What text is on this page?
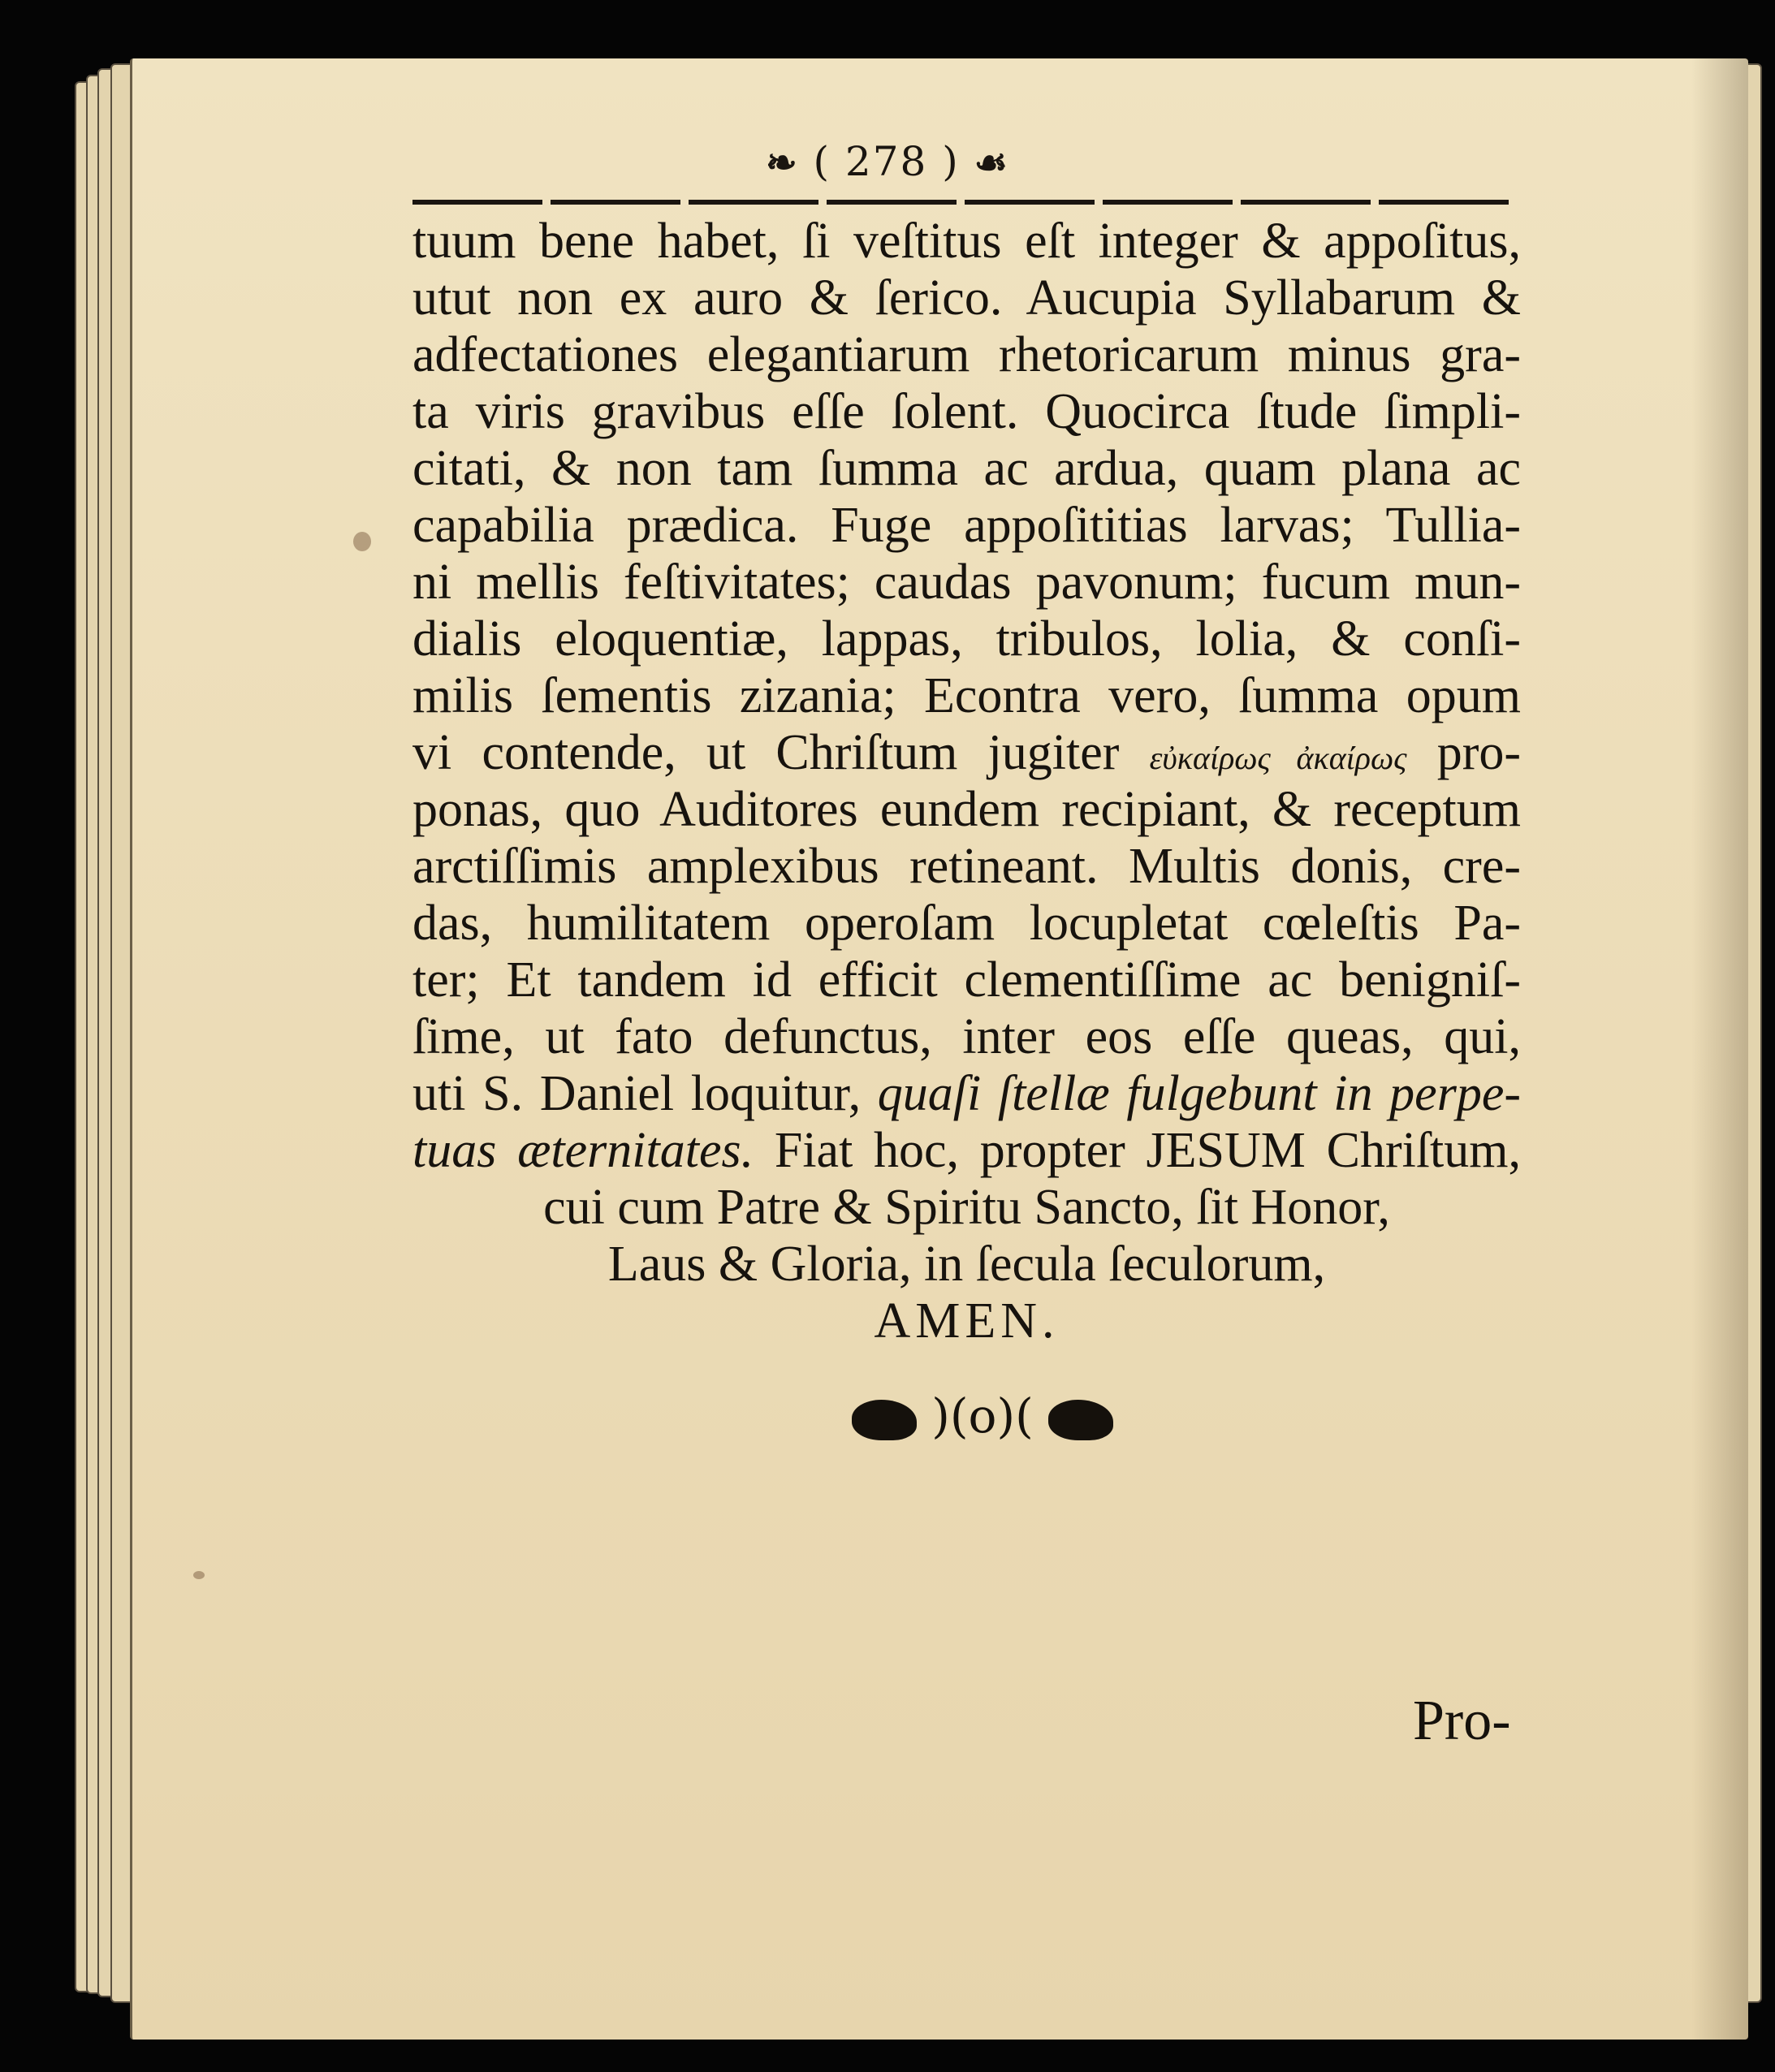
❧ ( 278 ) ☙
tuum bene habet, ſi veſtitus eſt integer & appoſitus,
utut non ex auro & ſerico. Aucupia Syllabarum &
adfectationes elegantiarum rhetoricarum minus gra-
ta viris gravibus eſſe ſolent. Quocirca ſtude ſimpli-
citati, & non tam ſumma ac ardua, quam plana ac
capabilia prædica. Fuge appoſititias larvas; Tullia-
ni mellis feſtivitates; caudas pavonum; fucum mun-
dialis eloquentiæ, lappas, tribulos, lolia, & conſi-
milis ſementis zizania; Econtra vero, ſumma opum
vi contende, ut Chriſtum jugiter εὐκαίρως ἀκαίρως pro-
ponas, quo Auditores eundem recipiant, & receptum
arctiſſimis amplexibus retineant. Multis donis, cre-
das, humilitatem operoſam locupletat cœleſtis Pa-
ter; Et tandem id efficit clementiſſime ac benigniſ-
ſime, ut fato defunctus, inter eos eſſe queas, qui,
uti S. Daniel loquitur, quaſi ſtellæ fulgebunt in perpe-
tuas æternitates. Fiat hoc, propter JESUM Chriſtum,
cui cum Patre & Spiritu Sancto, ſit Honor,
Laus & Gloria, in ſecula ſeculorum,
AMEN.
)(o)(
Pro-
